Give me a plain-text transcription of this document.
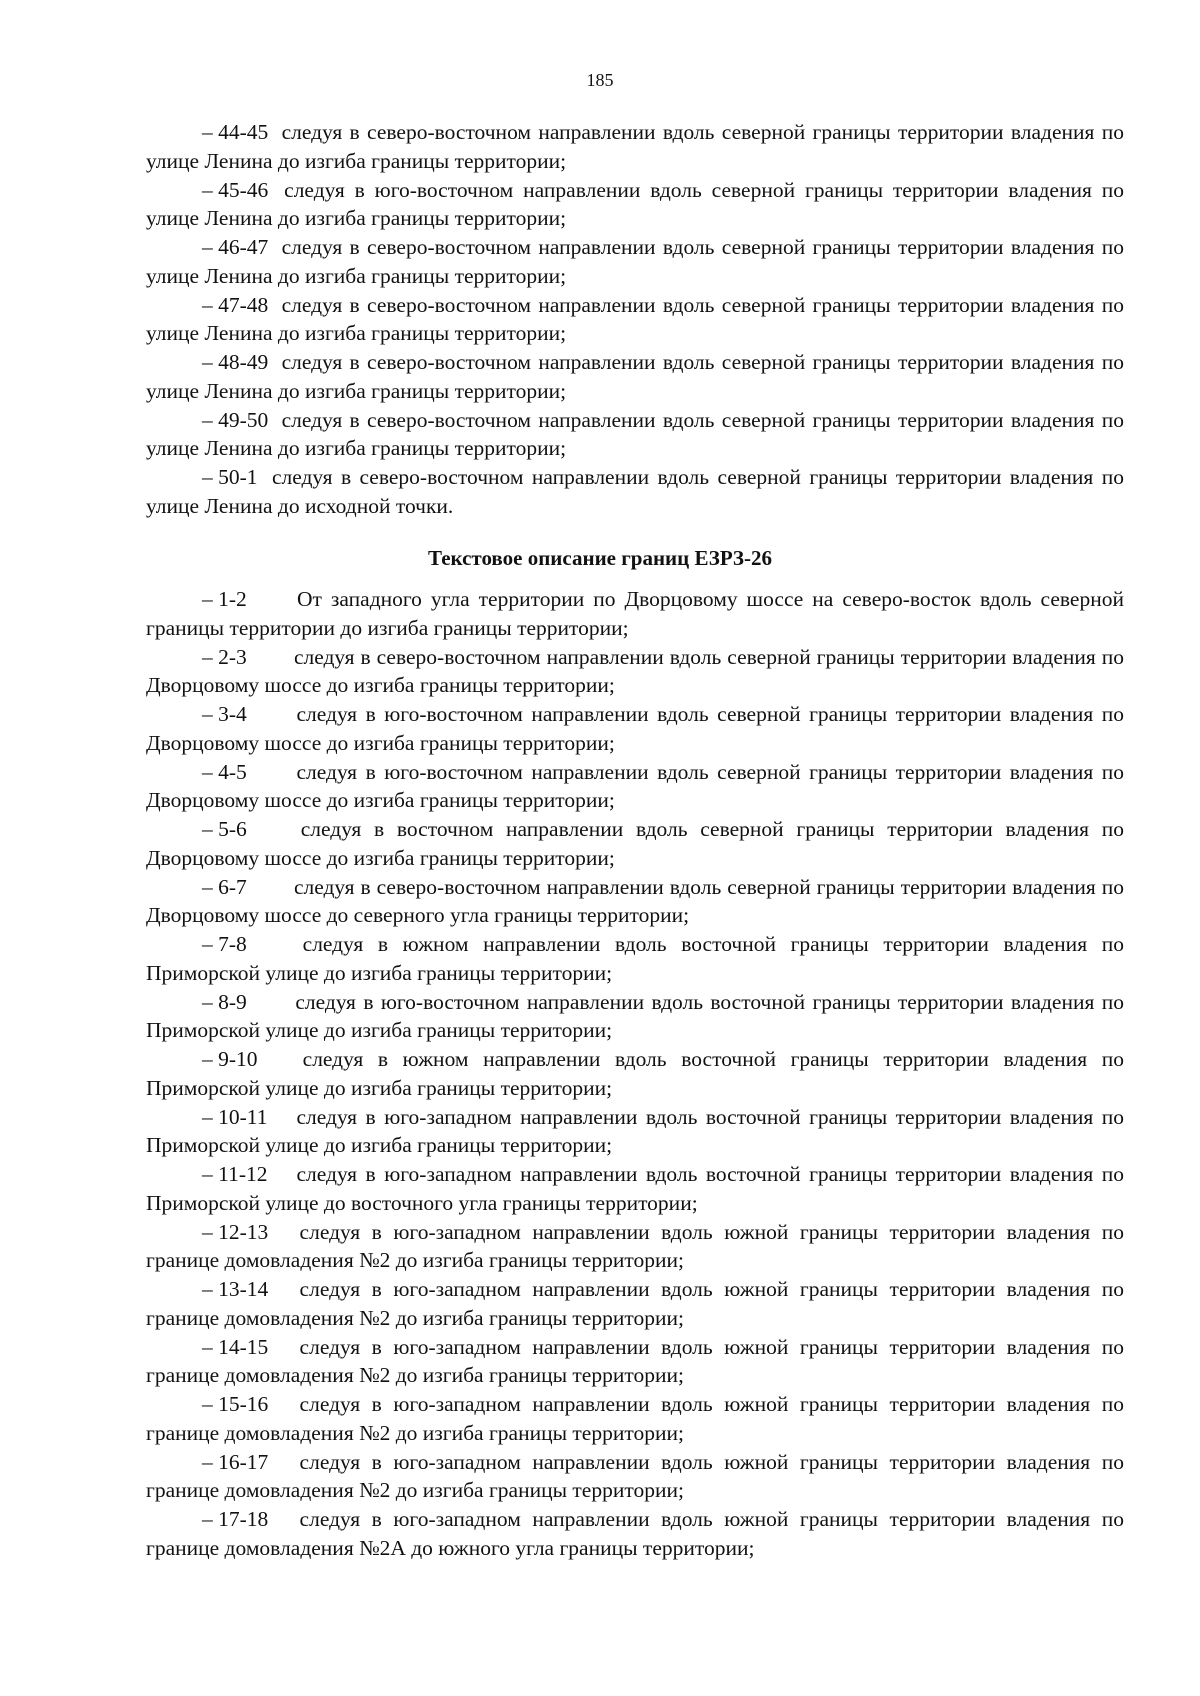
185

– 44-45 следуя в северо-восточном направлении вдоль северной границы территории владения по улице Ленина до изгиба границы территории;

– 45-46 следуя в юго-восточном направлении вдоль северной границы территории владения по улице Ленина до изгиба границы территории;

– 46-47 следуя в северо-восточном направлении вдоль северной границы территории владения по улице Ленина до изгиба границы территории;

– 47-48 следуя в северо-восточном направлении вдоль северной границы территории владения по улице Ленина до изгиба границы территории;

– 48-49 следуя в северо-восточном направлении вдоль северной границы территории владения по улице Ленина до изгиба границы территории;

– 49-50 следуя в северо-восточном направлении вдоль северной границы территории владения по улице Ленина до изгиба границы территории;

– 50-1 следуя в северо-восточном направлении вдоль северной границы территории владения по улице Ленина до исходной точки.

Текстовое описание границ ЕЗРЗ-26

– 1-2 От западного угла территории по Дворцовому шоссе на северо-восток вдоль северной границы территории до изгиба границы территории;

– 2-3 следуя в северо-восточном направлении вдоль северной границы территории владения по Дворцовому шоссе до изгиба границы территории;

– 3-4 следуя в юго-восточном направлении вдоль северной границы территории владения по Дворцовому шоссе до изгиба границы территории;

– 4-5 следуя в юго-восточном направлении вдоль северной границы территории владения по Дворцовому шоссе до изгиба границы территории;

– 5-6 следуя в восточном направлении вдоль северной границы территории владения по Дворцовому шоссе до изгиба границы территории;

– 6-7 следуя в северо-восточном направлении вдоль северной границы территории владения по Дворцовому шоссе до северного угла границы территории;

– 7-8 следуя в южном направлении вдоль восточной границы территории владения по Приморской улице до изгиба границы территории;

– 8-9 следуя в юго-восточном направлении вдоль восточной границы территории владения по Приморской улице до изгиба границы территории;

– 9-10 следуя в южном направлении вдоль восточной границы территории владения по Приморской улице до изгиба границы территории;

– 10-11 следуя в юго-западном направлении вдоль восточной границы территории владения по Приморской улице до изгиба границы территории;

– 11-12 следуя в юго-западном направлении вдоль восточной границы территории владения по Приморской улице до восточного угла границы территории;

– 12-13 следуя в юго-западном направлении вдоль южной границы территории владения по границе домовладения №2 до изгиба границы территории;

– 13-14 следуя в юго-западном направлении вдоль южной границы территории владения по границе домовладения №2 до изгиба границы территории;

– 14-15 следуя в юго-западном направлении вдоль южной границы территории владения по границе домовладения №2 до изгиба границы территории;

– 15-16 следуя в юго-западном направлении вдоль южной границы территории владения по границе домовладения №2 до изгиба границы территории;

– 16-17 следуя в юго-западном направлении вдоль южной границы территории владения по границе домовладения №2 до изгиба границы территории;

– 17-18 следуя в юго-западном направлении вдоль южной границы территории владения по границе домовладения №2А до южного угла границы территории;
